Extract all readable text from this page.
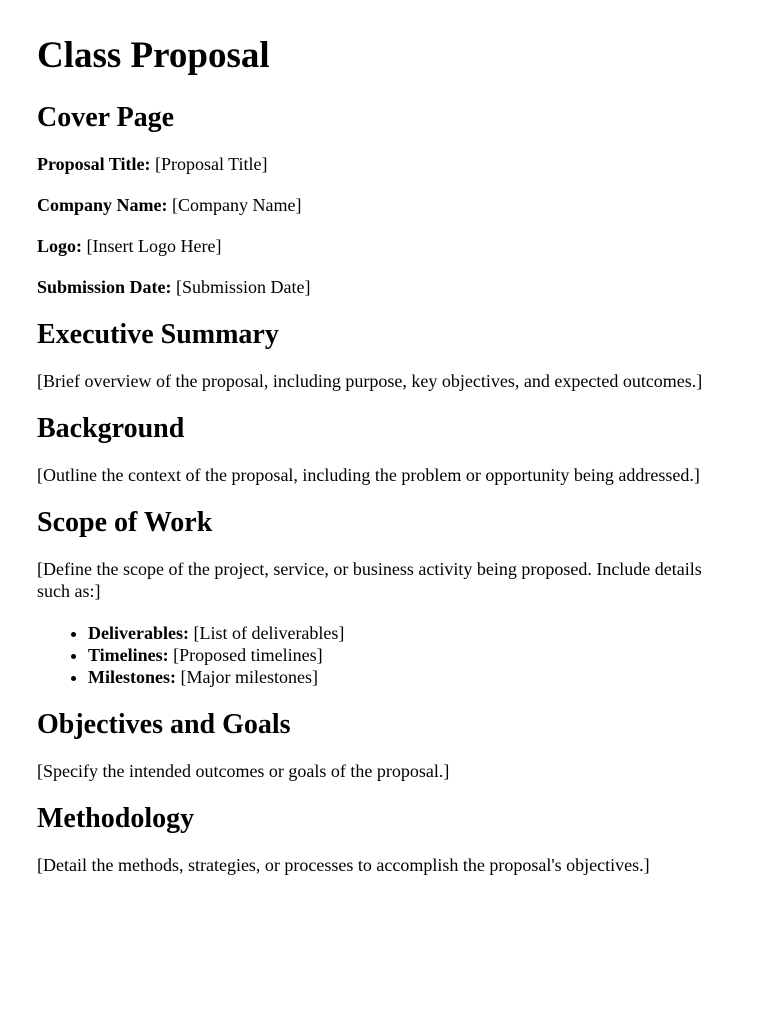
Class Proposal
Cover Page

Proposal Title: [Proposal Title]

Company Name: [Company Name]

Logo: [Insert Logo Here]

Submission Date: [Submission Date]

Executive Summary

[Brief overview of the proposal, including purpose, key objectives, and expected outcomes.]

Background

[Outline the context of the proposal, including the problem or opportunity being addressed.]

Scope of Work

[Define the scope of the project, service, or business activity being proposed. Include details such as:]

• Deliverables: [List of deliverables]
• Timelines: [Proposed timelines]
• Milestones: [Major milestones]
Objectives and Goals

[Specify the intended outcomes or goals of the proposal.]

Methodology

[Detail the methods, strategies, or processes to accomplish the proposal's objectives.]
